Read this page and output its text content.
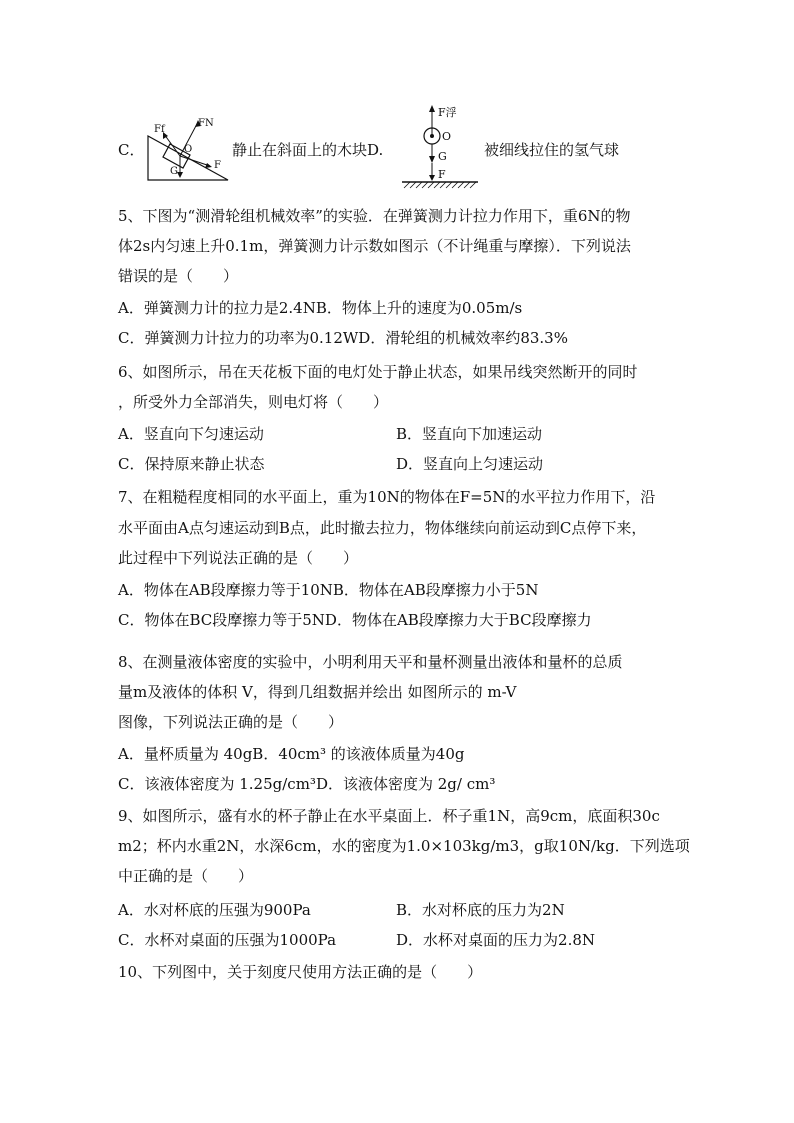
C．
Ff
FN
O
G
F
静止在斜面上的木块D.
F浮
O
G
F
被细线拉住的氢气球
5、下图为“测滑轮组机械效率”的实验．在弹簧测力计拉力作用下，重6N的物
体2s内匀速上升0.1m，弹簧测力计示数如图示（不计绳重与摩擦）．下列说法
错误的是（　　）
A．弹簧测力计的拉力是2.4NB．物体上升的速度为0.05m/s
C．弹簧测力计拉力的功率为0.12WD．滑轮组的机械效率约83.3%
6、如图所示，吊在天花板下面的电灯处于静止状态，如果吊线突然断开的同时
，所受外力全部消失，则电灯将（　　）
A．竖直向下匀速运动	B．竖直向下加速运动
C．保持原来静止状态	D．竖直向上匀速运动
7、在粗糙程度相同的水平面上，重为10N的物体在F=5N的水平拉力作用下，沿
水平面由A点匀速运动到B点，此时撤去拉力，物体继续向前运动到C点停下来，
此过程中下列说法正确的是（　　）
A．物体在AB段摩擦力等于10NB．物体在AB段摩擦力小于5N
C．物体在BC段摩擦力等于5ND．物体在AB段摩擦力大于BC段摩擦力
8、在测量液体密度的实验中，小明利用天平和量杯测量出液体和量杯的总质
量m及液体的体积 V，得到几组数据并绘出 如图所示的 m-V
图像，下列说法正确的是（　　）
A．量杯质量为 40gB．40cm³ 的该液体质量为40g
C．该液体密度为 1.25g/cm³D．该液体密度为 2g/ cm³
9、如图所示，盛有水的杯子静止在水平桌面上．杯子重1N，高9cm，底面积30c
m2；杯内水重2N，水深6cm，水的密度为1.0×103kg/m3，g取10N/kg．下列选项
中正确的是（　　）
A．水对杯底的压强为900Pa	B．水对杯底的压力为2N
C．水杯对桌面的压强为1000Pa	D．水杯对桌面的压力为2.8N
10、下列图中，关于刻度尺使用方法正确的是（　　）
